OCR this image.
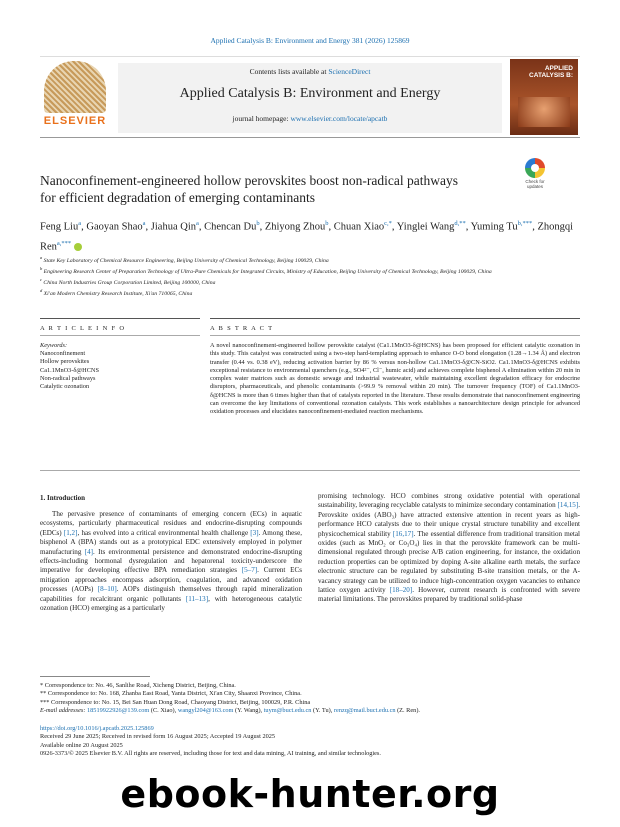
Applied Catalysis B: Environment and Energy 381 (2026) 125869
ELSEVIER
Contents lists available at ScienceDirect
Applied Catalysis B: Environment and Energy
journal homepage: www.elsevier.com/locate/apcatb
APPLIED CATALYSIS B:
Nanoconfinement-engineered hollow perovskites boost non-radical pathways for efficient degradation of emerging contaminants
Check for updates
Feng Liu$^a$, Gaoyan Shao$^a$, Jiahua Qin$^a$, Chencan Du$^b$, Zhiyong Zhou$^b$, Chuan Xiao$^{c,*}$, Yinglei Wang$^{d,**}$, Yuming $Tu^{b,***}$, Zhongqi Ren$^{a,***}$
$^a$ State Key Laboratory of Chemical Resource Engineering, Beijing University of Chemical Technology, Beijing 100029, China
$^b$ Engineering Research Center of Preparation Technology of Ultra-Pure Chemicals for Integrated Circuits, Ministry of Education, Beijing University of Chemical Technology, Beijing 100029, China
$^c$ China North Industries Group Corporation Limited, Beijing 100000, China
$^d$ Xi'an Modern Chemistry Research Institute, Xi'an 710065, China
A R T I C L E I N F O	A B S T R A C T
Keywords:
Nanoconfinement
Hollow perovskites
Ca1.1MnO3-δ@HCNS
Non-radical pathways
Catalytic ozonation
A novel nanoconfinement-engineered hollow perovskite catalyst (Ca1.1MnO3-δ@HCNS) has been proposed for efficient catalytic ozonation in this study. This catalyst was constructed using a two-step hard-templating approach to enhance O-O bond elongation (1.28→1.34 Å) and electron transfer (0.44 vs. 0.38 eV), reducing activation barrier by 86 % versus non-hollow Ca1.1MnO3-δ@CN-SiO2. Ca1.1MnO3-δ@HCNS exhibits exceptional resistance to environmental quenchers (e.g., SO4²⁻, Cl⁻, humic acid) and achieves complete bisphenol A elimination within 20 min in complex water matrices such as domestic sewage and industrial wastewater, while maintaining excellent degradation efficacy for endocrine disruptors, pharmaceuticals, and phenolic contaminants (>99.9 % removal within 20 min). The turnover frequency (TOF) of Ca1.1MnO3-δ@HCNS is more than 6 times higher than that of catalysts reported in the literature. These results demonstrate that nanoconfinement engineering can overcome the key limitations of conventional ozonation catalysts. This work establishes a nanoarchitecture design principle for advanced oxidation processes and elucidates nanoconfinement-mediated reaction mechanisms.
1. Introduction
The pervasive presence of contaminants of emerging concern (ECs) in aquatic ecosystems, particularly pharmaceutical residues and endocrine-disrupting compounds (EDCs) [1,2], has evolved into a critical environmental health challenge [3]. Among these, bisphenol A (BPA) stands out as a prototypical EDC extensively employed in polymer manufacturing [4]. Its environmental persistence and demonstrated endocrine-disrupting effects-including hormonal dysregulation and hepatorenal toxicity-underscore the imperative for developing effective BPA remediation strategies [5–7]. Current ECs mitigation approaches encompass adsorption, coagulation, and advanced oxidation processes (AOPs) [8–10]. AOPs distinguish themselves through rapid mineralization capabilities for recalcitrant organic pollutants [11–13], with heterogeneous catalytic ozonation (HCO) emerging as a particularly
promising technology. HCO combines strong oxidative potential with operational sustainability, leveraging recyclable catalysts to minimize secondary contamination [14,15]. Perovskite oxides (ABO₃) have attracted extensive attention in recent years as high-performance HCO catalysts due to their unique crystal structure tunability and excellent physicochemical stability [16,17]. The essential difference from traditional transition metal oxides (such as MnO₂ or Co₃O₄) lies in that the perovskite framework can be multi-dimensional regulated through precise A/B cation engineering, for instance, the oxidation reduction properties can be optimized by doping A-site alkaline earth metals, the surface electronic structure can be regulated by substituting B-site transition metals, or the A-vacancy strategy can be utilized to induce high-concentration oxygen vacancies to enhance lattice oxygen activity [18–20]. However, current research is confronted with severe material limitations. The perovskites prepared by traditional solid-phase
* Correspondence to: No. 46, Sanlihe Road, Xicheng District, Beijing, China.
** Correspondence to: No. 168, Zhanba East Road, Yanta District, Xi'an City, Shaanxi Province, China.
*** Correspondence to: No. 15, Bei San Huan Dong Road, Chaoyang District, Beijing, 100029, P.R. China
E-mail addresses: 18519922926@139.com (C. Xiao), wangyl204@163.com (Y. Wang), tuym@buct.edu.cn (Y. Tu), renzq@mail.buct.edu.cn (Z. Ren).
https://doi.org/10.1016/j.apcatb.2025.125869
Received 29 June 2025; Received in revised form 16 August 2025; Accepted 19 August 2025
Available online 20 August 2025
0926-3373/© 2025 Elsevier B.V. All rights are reserved, including those for text and data mining, AI training, and similar technologies.
ebook-hunter.org
